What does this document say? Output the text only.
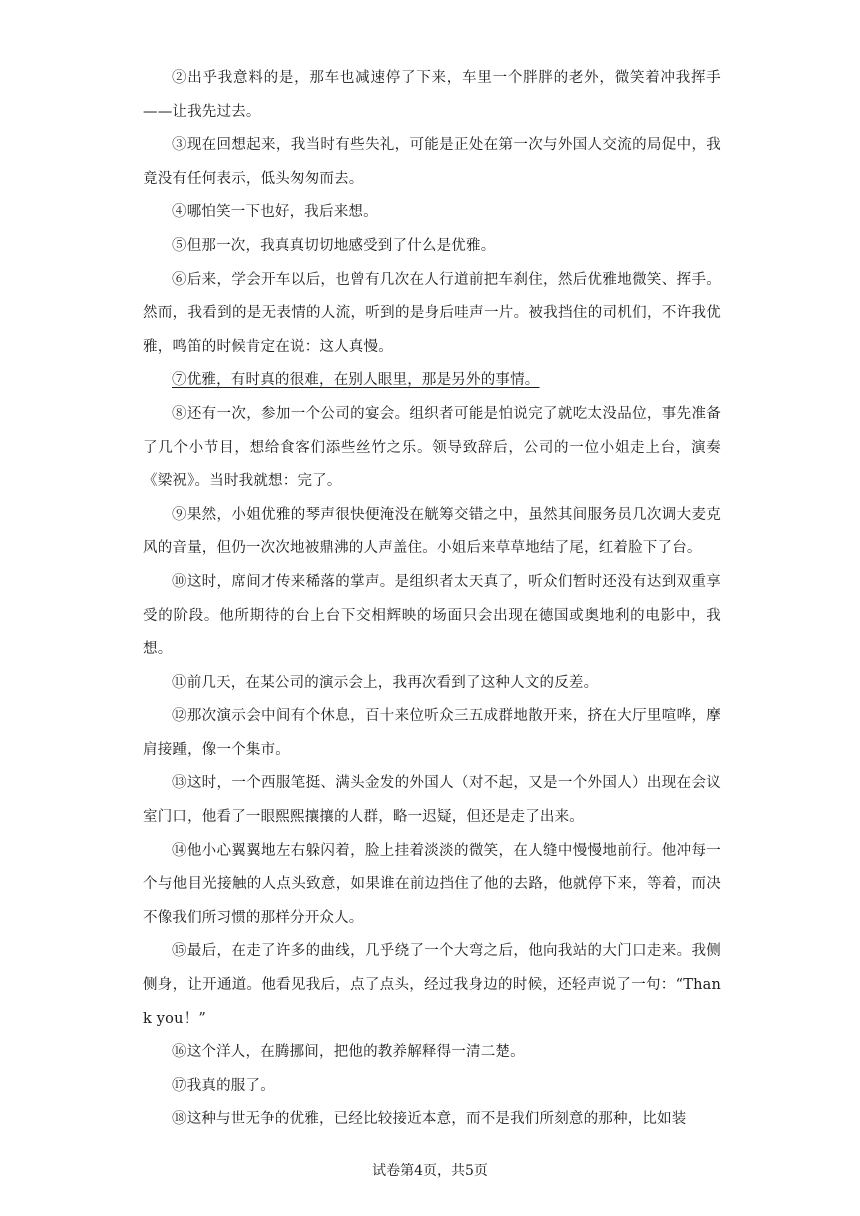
②出乎我意料的是，那车也减速停了下来，车里一个胖胖的老外，微笑着冲我挥手——让我先过去。

③现在回想起来，我当时有些失礼，可能是正处在第一次与外国人交流的局促中，我竟没有任何表示，低头匆匆而去。

④哪怕笑一下也好，我后来想。

⑤但那一次，我真真切切地感受到了什么是优雅。

⑥后来，学会开车以后，也曾有几次在人行道前把车刹住，然后优雅地微笑、挥手。然而，我看到的是无表情的人流，听到的是身后哇声一片。被我挡住的司机们，不许我优雅，鸣笛的时候肯定在说：这人真慢。

⑦优雅，有时真的很难，在别人眼里，那是另外的事情。

⑧还有一次，参加一个公司的宴会。组织者可能是怕说完了就吃太没品位，事先准备了几个小节目，想给食客们添些丝竹之乐。领导致辞后，公司的一位小姐走上台，演奏《梁祝》。当时我就想：完了。

⑨果然，小姐优雅的琴声很快便淹没在觥筹交错之中，虽然其间服务员几次调大麦克风的音量，但仍一次次地被鼎沸的人声盖住。小姐后来草草地结了尾，红着脸下了台。

⑩这时，席间才传来稀落的掌声。是组织者太天真了，听众们暂时还没有达到双重享受的阶段。他所期待的台上台下交相辉映的场面只会出现在德国或奥地利的电影中，我想。

⑪前几天，在某公司的演示会上，我再次看到了这种人文的反差。

⑫那次演示会中间有个休息，百十来位听众三五成群地散开来，挤在大厅里喧哗，摩肩接踵，像一个集市。

⑬这时，一个西服笔挺、满头金发的外国人（对不起，又是一个外国人）出现在会议室门口，他看了一眼熙熙攘攘的人群，略一迟疑，但还是走了出来。

⑭他小心翼翼地左右躲闪着，脸上挂着淡淡的微笑，在人缝中慢慢地前行。他冲每一个与他目光接触的人点头致意，如果谁在前边挡住了他的去路，他就停下来，等着，而决不像我们所习惯的那样分开众人。

⑮最后，在走了许多的曲线，几乎绕了一个大弯之后，他向我站的大门口走来。我侧侧身，让开通道。他看见我后，点了点头，经过我身边的时候，还轻声说了一句：“Thank you！”

⑯这个洋人，在腾挪间，把他的教养解释得一清二楚。

⑰我真的服了。

⑱这种与世无争的优雅，已经比较接近本意，而不是我们所刻意的那种，比如装

试卷第4页，共5页
